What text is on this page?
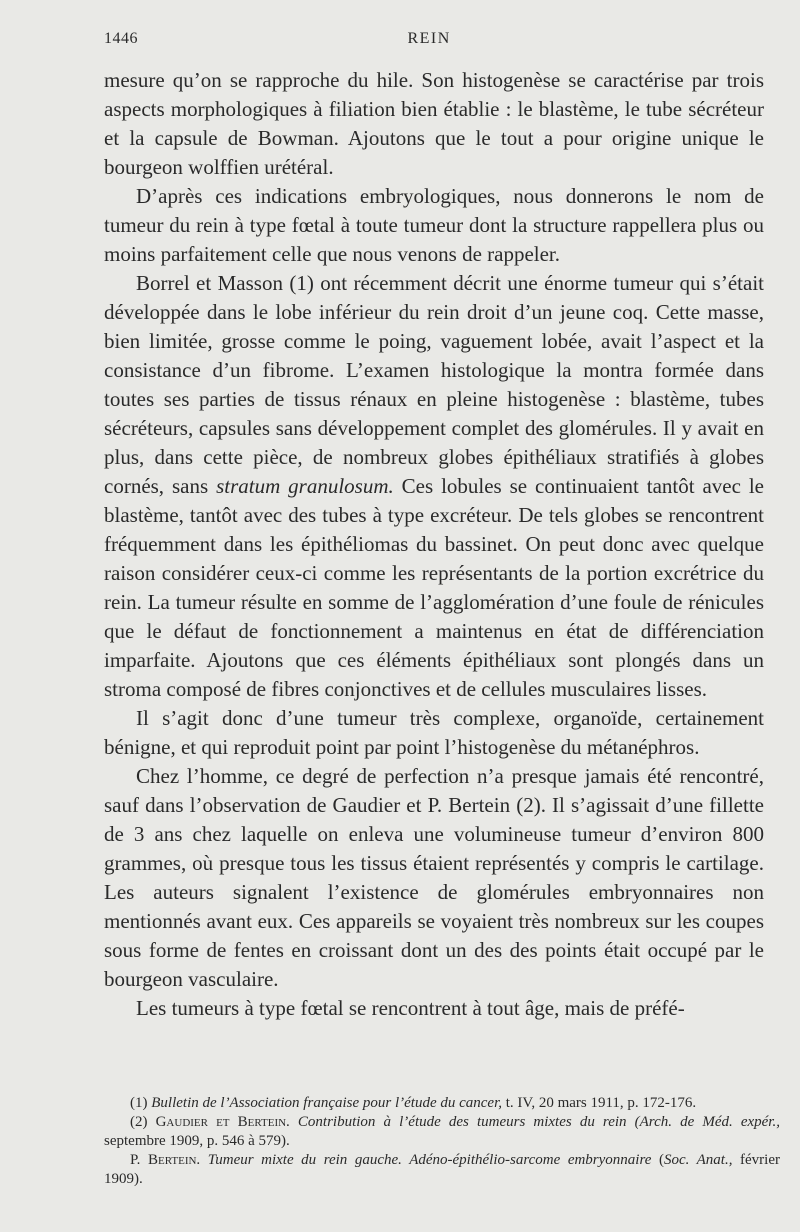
1446	REIN

mesure qu’on se rapproche du hile. Son histogenèse se caractérise par trois aspects morphologiques à filiation bien établie : le blastème, le tube sécréteur et la capsule de Bowman. Ajoutons que le tout a pour origine unique le bourgeon wolffien urétéral.

D’après ces indications embryologiques, nous donnerons le nom de tumeur du rein à type fœtal à toute tumeur dont la structure rappellera plus ou moins parfaitement celle que nous venons de rappeler.

Borrel et Masson (1) ont récemment décrit une énorme tumeur qui s’était développée dans le lobe inférieur du rein droit d’un jeune coq. Cette masse, bien limitée, grosse comme le poing, vaguement lobée, avait l’aspect et la consistance d’un fibrome. L’examen histologique la montra formée dans toutes ses parties de tissus rénaux en pleine histogenèse : blastème, tubes sécréteurs, capsules sans développement complet des glomérules. Il y avait en plus, dans cette pièce, de nombreux globes épithéliaux stratifiés à globes cornés, sans stratum granulosum. Ces lobules se continuaient tantôt avec le blastème, tantôt avec des tubes à type excréteur. De tels globes se rencontrent fréquemment dans les épithéliomas du bassinet. On peut donc avec quelque raison considérer ceux-ci comme les représentants de la portion excrétrice du rein. La tumeur résulte en somme de l’agglomération d’une foule de rénicules que le défaut de fonctionnement a maintenus en état de différenciation imparfaite. Ajoutons que ces éléments épithéliaux sont plongés dans un stroma composé de fibres conjonctives et de cellules musculaires lisses.

Il s’agit donc d’une tumeur très complexe, organoïde, certainement bénigne, et qui reproduit point par point l’histogenèse du métanéphros.

Chez l’homme, ce degré de perfection n’a presque jamais été rencontré, sauf dans l’observation de Gaudier et P. Bertein (2). Il s’agissait d’une fillette de 3 ans chez laquelle on enleva une volumineuse tumeur d’environ 800 grammes, où presque tous les tissus étaient représentés y compris le cartilage. Les auteurs signalent l’existence de glomérules embryonnaires non mentionnés avant eux. Ces appareils se voyaient très nombreux sur les coupes sous forme de fentes en croissant dont un des des points était occupé par le bourgeon vasculaire.

Les tumeurs à type fœtal se rencontrent à tout âge, mais de préfé-

(1) Bulletin de l’Association française pour l’étude du cancer, t. IV, 20 mars 1911, p. 172-176.

(2) Gaudier et Bertein. Contribution à l’étude des tumeurs mixtes du rein (Arch. de Méd. expér., septembre 1909, p. 546 à 579).

P. Bertein. Tumeur mixte du rein gauche. Adéno-épithélio-sarcome embryonnaire (Soc. Anat., février 1909).
